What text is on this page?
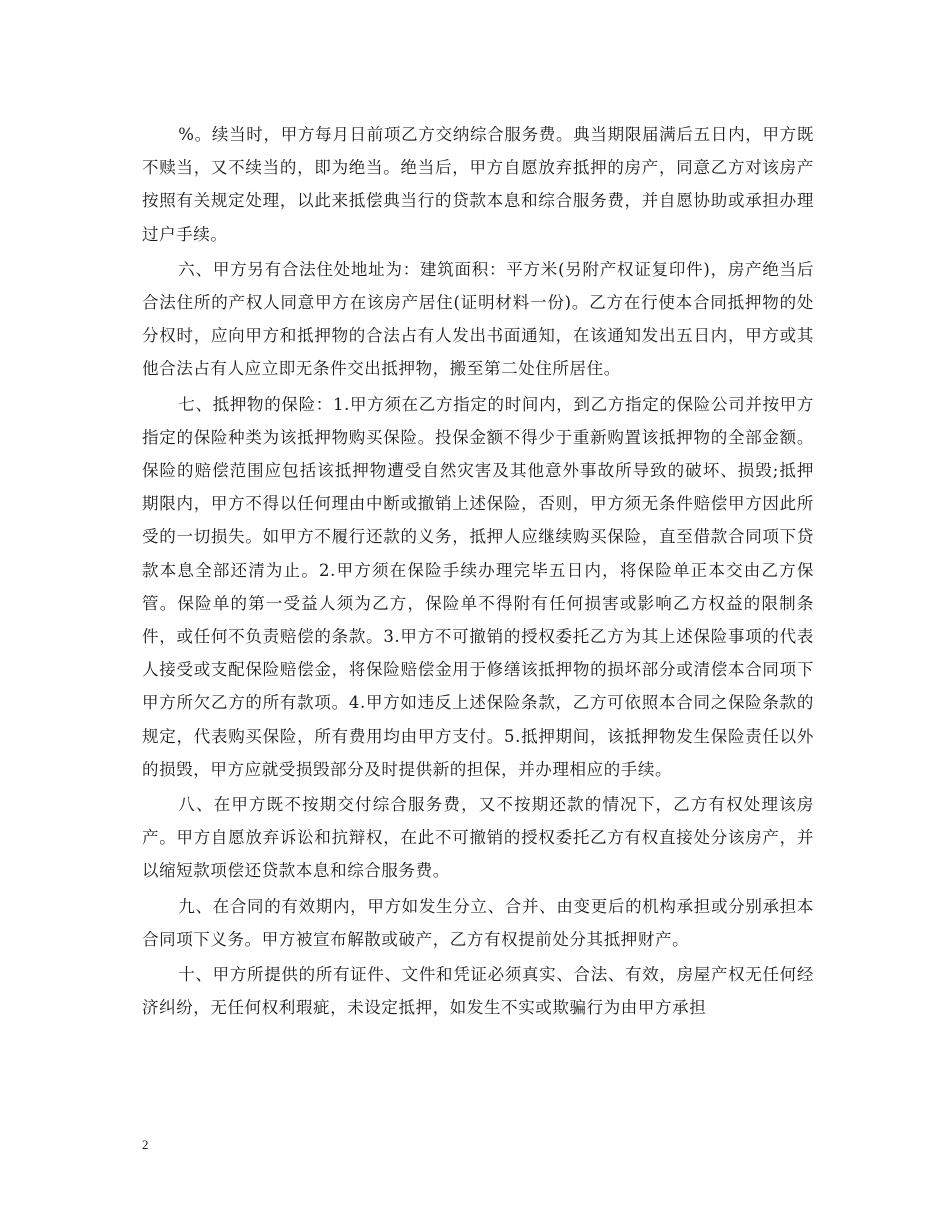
%。续当时，甲方每月日前项乙方交纳综合服务费。典当期限届满后五日内，甲方既不赎当，又不续当的，即为绝当。绝当后，甲方自愿放弃抵押的房产，同意乙方对该房产按照有关规定处理，以此来抵偿典当行的贷款本息和综合服务费，并自愿协助或承担办理过户手续。

六、甲方另有合法住处地址为：建筑面积：平方米(另附产权证复印件)，房产绝当后合法住所的产权人同意甲方在该房产居住(证明材料一份)。乙方在行使本合同抵押物的处分权时，应向甲方和抵押物的合法占有人发出书面通知，在该通知发出五日内，甲方或其他合法占有人应立即无条件交出抵押物，搬至第二处住所居住。

七、抵押物的保险：1.甲方须在乙方指定的时间内，到乙方指定的保险公司并按甲方指定的保险种类为该抵押物购买保险。投保金额不得少于重新购置该抵押物的全部金额。保险的赔偿范围应包括该抵押物遭受自然灾害及其他意外事故所导致的破坏、损毁;抵押期限内，甲方不得以任何理由中断或撤销上述保险，否则，甲方须无条件赔偿甲方因此所受的一切损失。如甲方不履行还款的义务，抵押人应继续购买保险，直至借款合同项下贷款本息全部还清为止。2.甲方须在保险手续办理完毕五日内，将保险单正本交由乙方保管。保险单的第一受益人须为乙方，保险单不得附有任何损害或影响乙方权益的限制条件，或任何不负责赔偿的条款。3.甲方不可撤销的授权委托乙方为其上述保险事项的代表人接受或支配保险赔偿金，将保险赔偿金用于修缮该抵押物的损坏部分或清偿本合同项下甲方所欠乙方的所有款项。4.甲方如违反上述保险条款，乙方可依照本合同之保险条款的规定，代表购买保险，所有费用均由甲方支付。5.抵押期间，该抵押物发生保险责任以外的损毁，甲方应就受损毁部分及时提供新的担保，并办理相应的手续。

八、在甲方既不按期交付综合服务费，又不按期还款的情况下，乙方有权处理该房产。甲方自愿放弃诉讼和抗辩权，在此不可撤销的授权委托乙方有权直接处分该房产，并以缩短款项偿还贷款本息和综合服务费。

九、在合同的有效期内，甲方如发生分立、合并、由变更后的机构承担或分别承担本合同项下义务。甲方被宣布解散或破产，乙方有权提前处分其抵押财产。

十、甲方所提供的所有证件、文件和凭证必须真实、合法、有效，房屋产权无任何经济纠纷，无任何权利瑕疵，未设定抵押，如发生不实或欺骗行为由甲方承担

2
